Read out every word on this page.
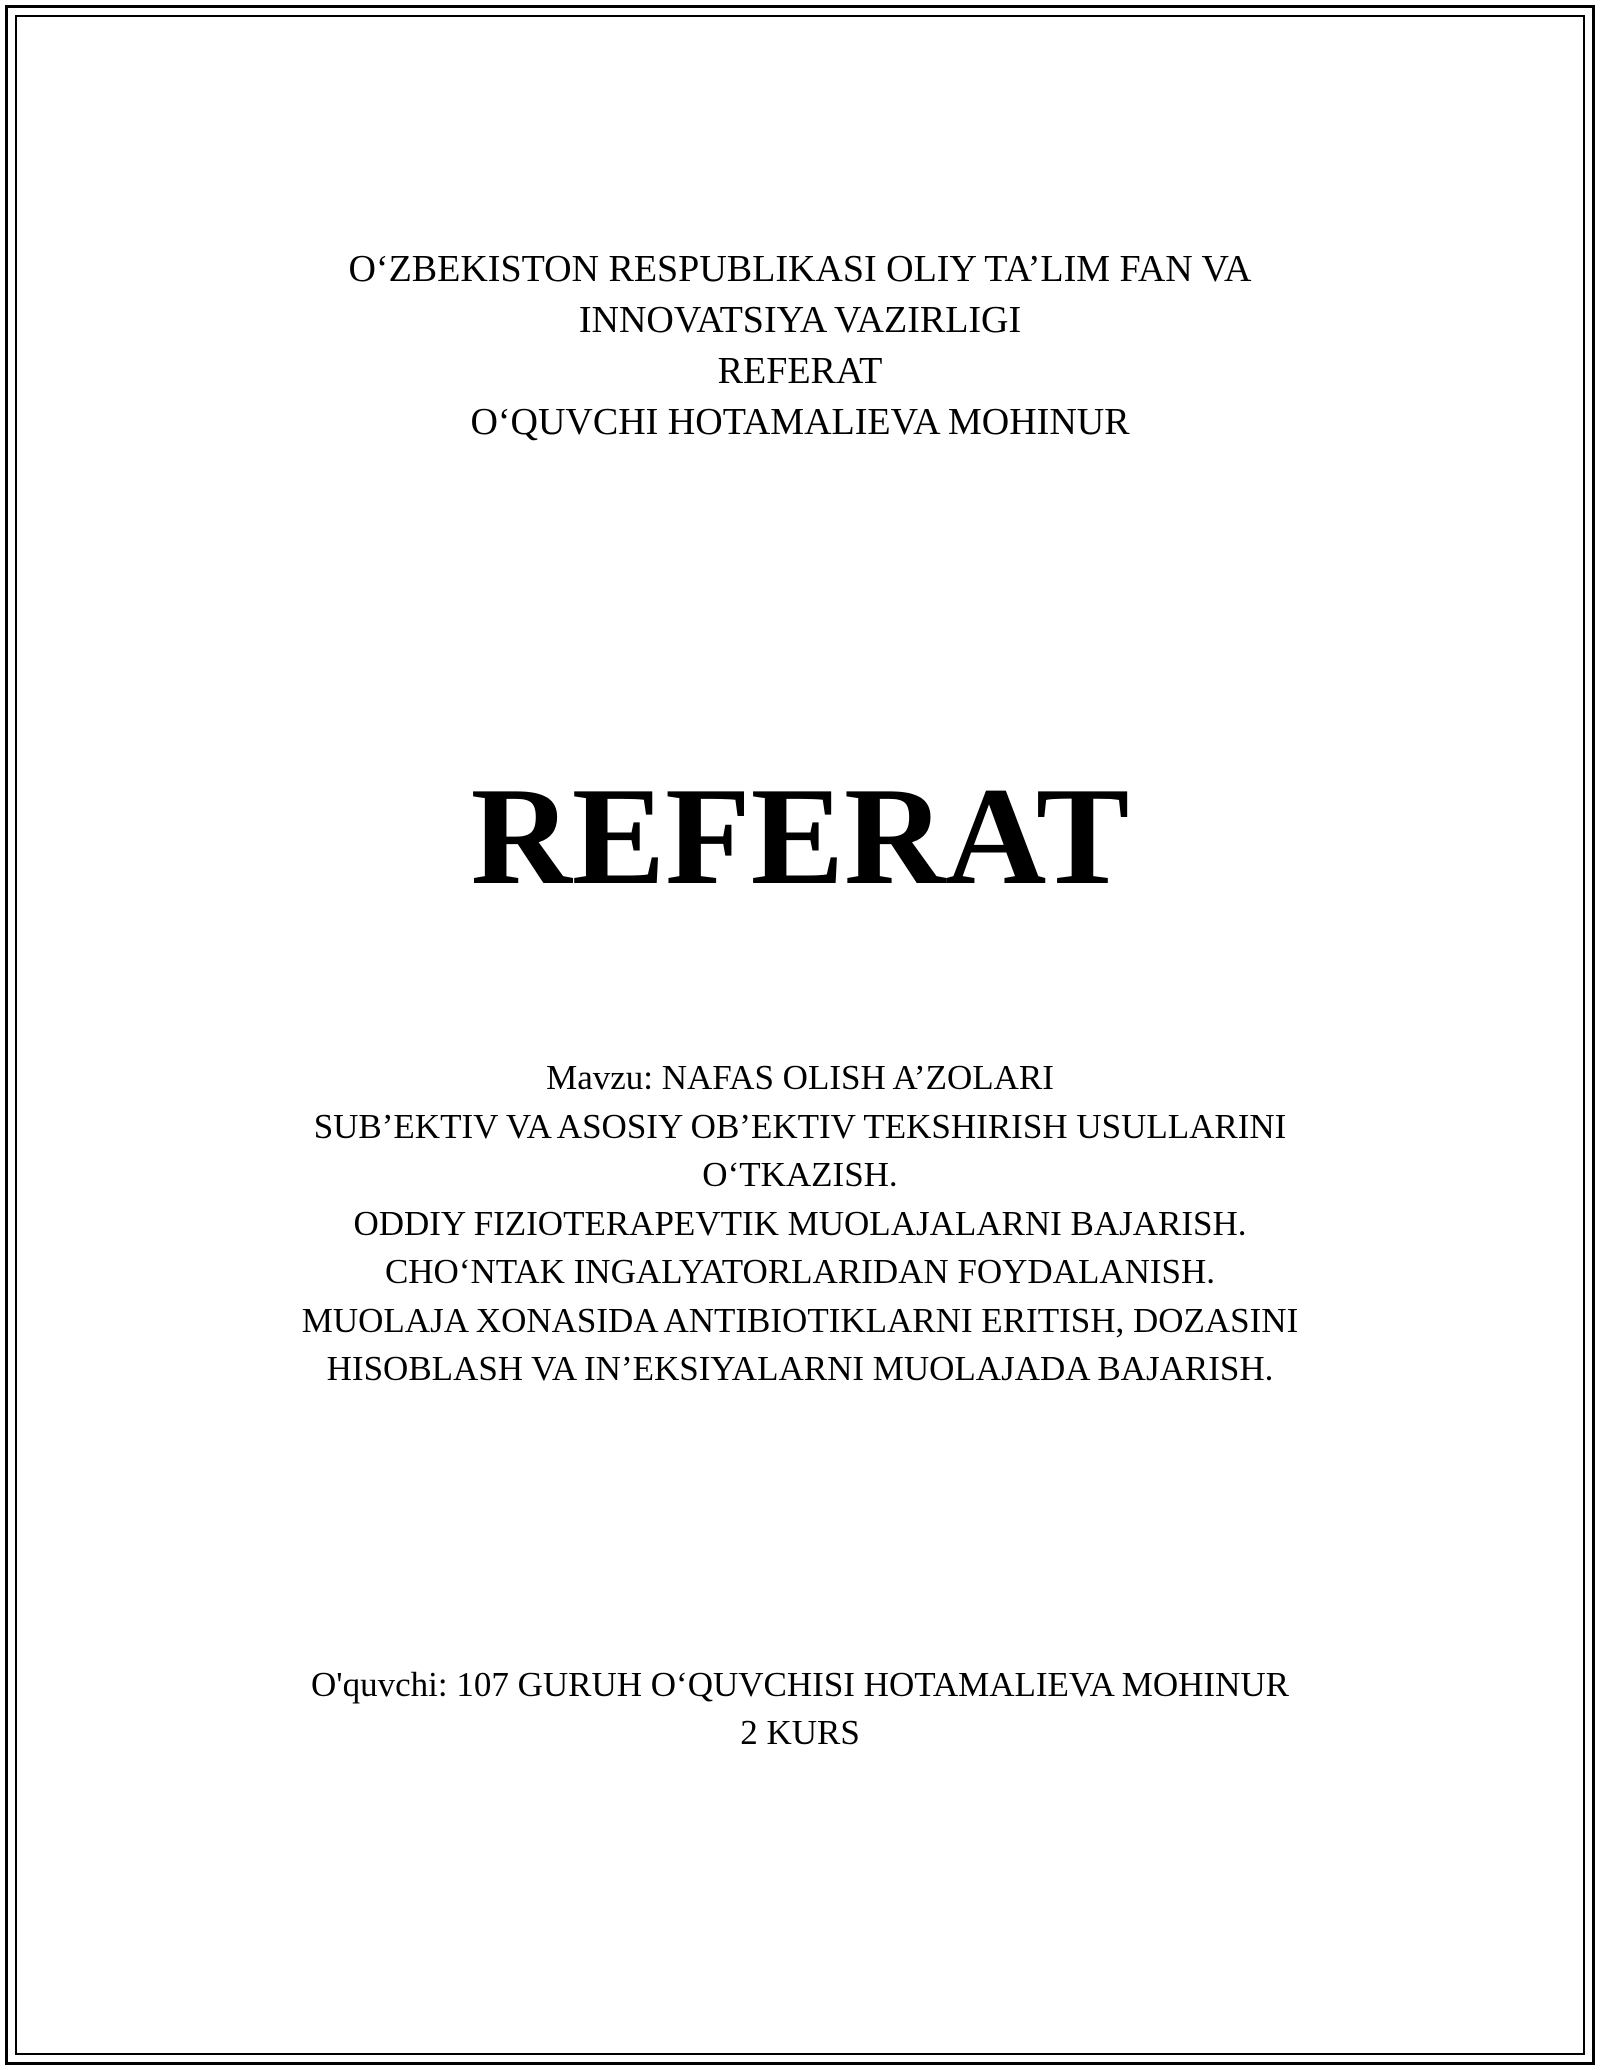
O‘ZBEKISTON RESPUBLIKASI OLIY TA’LIM FAN VA
INNOVATSIYA VAZIRLIGI
REFERAT
O‘QUVCHI HOTAMALIEVA MOHINUR
REFERAT
Mavzu: NAFAS OLISH A’ZOLARI
SUB’EKTIV VA ASOSIY OB’EKTIV TEKSHIRISH USULLARINI
O‘TKAZISH.
ODDIY FIZIOTERAPEVTIK MUOLAJALARNI BAJARISH.
CHO‘NTAK INGALYATORLARIDAN FOYDALANISH.
MUOLAJA XONASIDA ANTIBIOTIKLARNI ERITISH, DOZASINI
HISOBLASH VA IN’EKSIYALARNI MUOLAJADA BAJARISH.
O'quvchi: 107 GURUH O‘QUVCHISI HOTAMALIEVA MOHINUR
2 KURS
